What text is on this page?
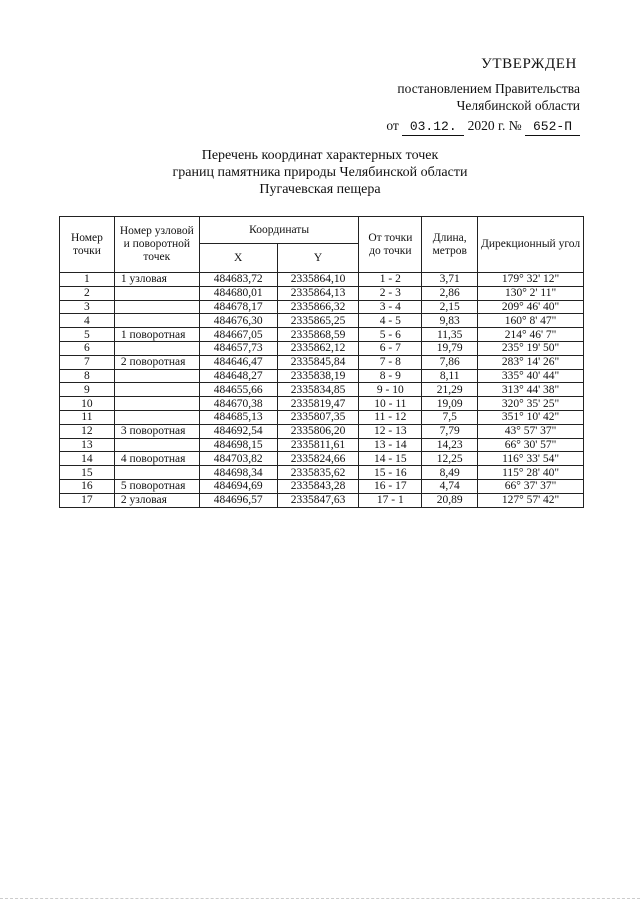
УТВЕРЖДЕН
постановлением Правительства
Челябинской области
от 03.12. 2020 г. № 652-П
Перечень координат характерных точек
границ памятника природы Челябинской области
Пугачевская пещера
Номер точки	Номер узловой и поворотной точек	Координаты		От точки до точки	Длина, метров	Дирекционный угол
		X	Y			
1	1 узловая	484683,72	2335864,10	1 - 2	3,71	179° 32' 12"
2		484680,01	2335864,13	2 - 3	2,86	130° 2' 11"
3		484678,17	2335866,32	3 - 4	2,15	209° 46' 40"
4		484676,30	2335865,25	4 - 5	9,83	160° 8' 47"
5	1 поворотная	484667,05	2335868,59	5 - 6	11,35	214° 46' 7"
6		484657,73	2335862,12	6 - 7	19,79	235° 19' 50"
7	2 поворотная	484646,47	2335845,84	7 - 8	7,86	283° 14' 26"
8		484648,27	2335838,19	8 - 9	8,11	335° 40' 44"
9		484655,66	2335834,85	9 - 10	21,29	313° 44' 38"
10		484670,38	2335819,47	10 - 11	19,09	320° 35' 25"
11		484685,13	2335807,35	11 - 12	7,5	351° 10' 42"
12	3 поворотная	484692,54	2335806,20	12 - 13	7,79	43° 57' 37"
13		484698,15	2335811,61	13 - 14	14,23	66° 30' 57"
14	4 поворотная	484703,82	2335824,66	14 - 15	12,25	116° 33' 54"
15		484698,34	2335835,62	15 - 16	8,49	115° 28' 40"
16	5 поворотная	484694,69	2335843,28	16 - 17	4,74	66° 37' 37"
17	2 узловая	484696,57	2335847,63	17 - 1	20,89	127° 57' 42"
